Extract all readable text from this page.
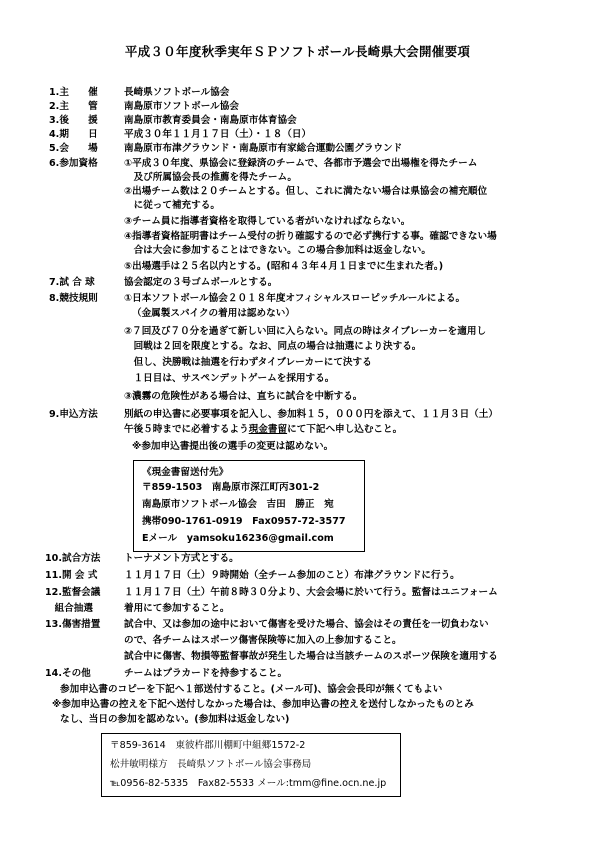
平成３０年度秋季実年ＳＰソフトボール長崎県大会開催要項
1.主　　催	長崎県ソフトボール協会
2.主　　管	南島原市ソフトボール協会
3.後　　援	南島原市教育委員会・南島原市体育協会
4.期　　日	平成３０年１１月１７日（土）・１８（日）
5.会　　場	南島原市布津グラウンド・南島原市有家総合運動公園グラウンド
6.参加資格	①平成３０年度、県協会に登録済のチームで、各都市予選会で出場権を得たチーム
　及び所属協会長の推薦を得たチーム。
②出場チーム数は２０チームとする。但し、これに満たない場合は県協会の補充順位
　に従って補充する。
③チーム員に指導者資格を取得している者がいなければならない。
④指導者資格証明書はチーム受付の折り確認するので必ず携行する事。確認できない場
　合は大会に参加することはできない。この場合参加料は返金しない。
⑤出場選手は２５名以内とする。(昭和４３年４月１日までに生まれた者。)
7.試 合 球	協会認定の３号ゴムボールとする。
8.競技規則	①日本ソフトボール協会２０１８年度オフィシャルスローピッチルールによる。
（金属製スパイクの着用は認めない）
②７回及び７０分を過ぎて新しい回に入らない。同点の時はタイブレーカーを適用し
　回戦は２回を限度とする。なお、同点の場合は抽選により決する。
　但し、決勝戦は抽選を行わずタイブレーカーにて決する
　１日目は、サスペンデットゲームを採用する。
③濃霧の危険性がある場合は、直ちに試合を中断する。
9.申込方法	別紙の申込書に必要事項を記入し、参加料１５，０００円を添えて、１１月３日（土）
午後５時までに必着するよう現金書留にて下記へ申し込むこと。
※参加申込書提出後の選手の変更は認めない。
《現金書留送付先》
〒859-1503　南島原市深江町丙301-2
南島原市ソフトボール協会　吉田　勝正　宛
携帯090-1761-0919　Fax0957-72-3577
Eメール　yamsoku16236@gmail.com
10.試合方法 トーナメント方式とする。
11.開 会 式	１１月１７日（土）９時開始（全チーム参加のこと）布津グラウンドに行う。
12.監督会議 １１月１７日（土）午前８時３０分より、大会会場に於いて行う。監督はユニフォーム
　組合抽選	着用にて参加すること。
13.傷害措置 試合中、又は参加の途中において傷害を受けた場合、協会はその責任を一切負わない
ので、各チームはスポーツ傷害保険等に加入の上参加すること。
試合中に傷害、物損等監督事故が発生した場合は当該チームのスポーツ保険を適用する
14.その他	チームはプラカードを持参すること。
参加申込書のコピーを下記へ１部送付すること。(メール可)、協会会長印が無くてもよい
※参加申込書の控えを下記へ送付しなかった場合は、参加申込書の控えを送付しなかったものとみ
なし、当日の参加を認めない。(参加料は返金しない)
〒859-3614　東彼杵郡川棚町中組郷1572-2
松井敏明様方　長崎県ソフトボール協会事務局
℡0956-82-5335　Fax82-5533 メール:tmm@fine.ocn.ne.jp
